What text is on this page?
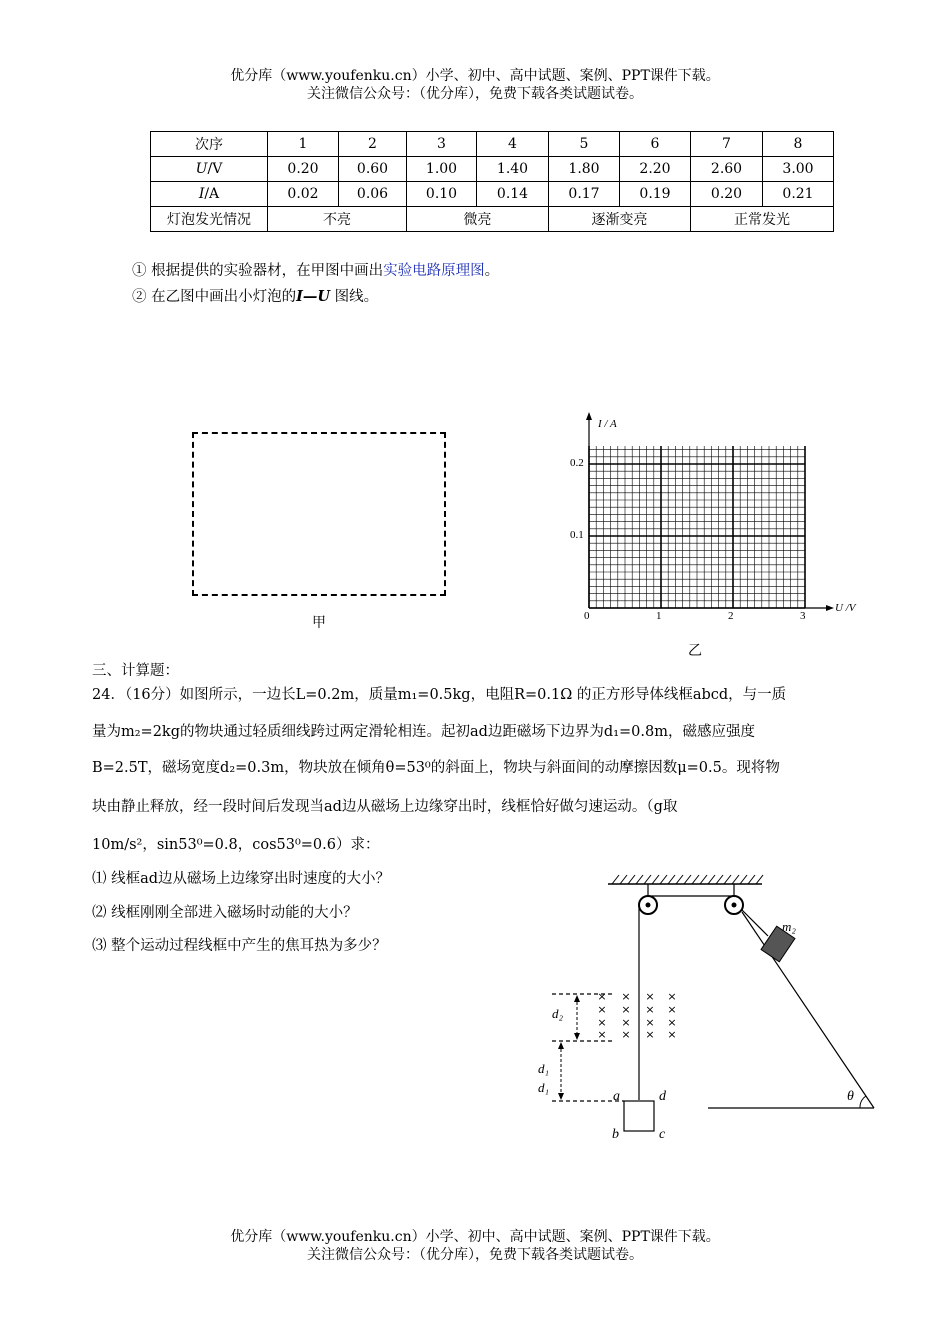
优分库（www.youfenku.cn）小学、初中、高中试题、案例、PPT课件下载。
关注微信公众号：（优分库），免费下载各类试题试卷。
次序	1	2	3	4	5	6	7	8
U/V	0.20	0.60	1.00	1.40	1.80	2.20	2.60	3.00
I/A	0.02	0.06	0.10	0.14	0.17	0.19	0.20	0.21
灯泡发光情况	不亮		微亮		逐渐变亮		正常发光	
① 根据提供的实验器材，在甲图中画出实验电路原理图。
② 在乙图中画出小灯泡的I—U 图线。
甲
I / A
U /V
0.2
0.1
0	1	2	3
乙
三、计算题：
24．（16分）如图所示，一边长L=0.2m，质量m₁=0.5kg，电阻R=0.1Ω 的正方形导体线框abcd，与一质
量为m₂=2kg的物块通过轻质细线跨过两定滑轮相连。起初ad边距磁场下边界为d₁=0.8m，磁感应强度
B=2.5T，磁场宽度d₂=0.3m，物块放在倾角θ=53⁰的斜面上，物块与斜面间的动摩擦因数μ=0.5。现将物
块由静止释放，经一段时间后发现当ad边从磁场上边缘穿出时，线框恰好做匀速运动。（g取
10m/s²，sin53⁰=0.8，cos53⁰=0.6）求：
⑴ 线框ad边从磁场上边缘穿出时速度的大小？
⑵ 线框刚刚全部进入磁场时动能的大小？
⑶ 整个运动过程线框中产生的焦耳热为多少？
m₂
θ
× × × ×
× × × ×
× × × ×
× × × ×
d₂
d₁
d₁
a	d
b	c
优分库（www.youfenku.cn）小学、初中、高中试题、案例、PPT课件下载。
关注微信公众号：（优分库），免费下载各类试题试卷。
